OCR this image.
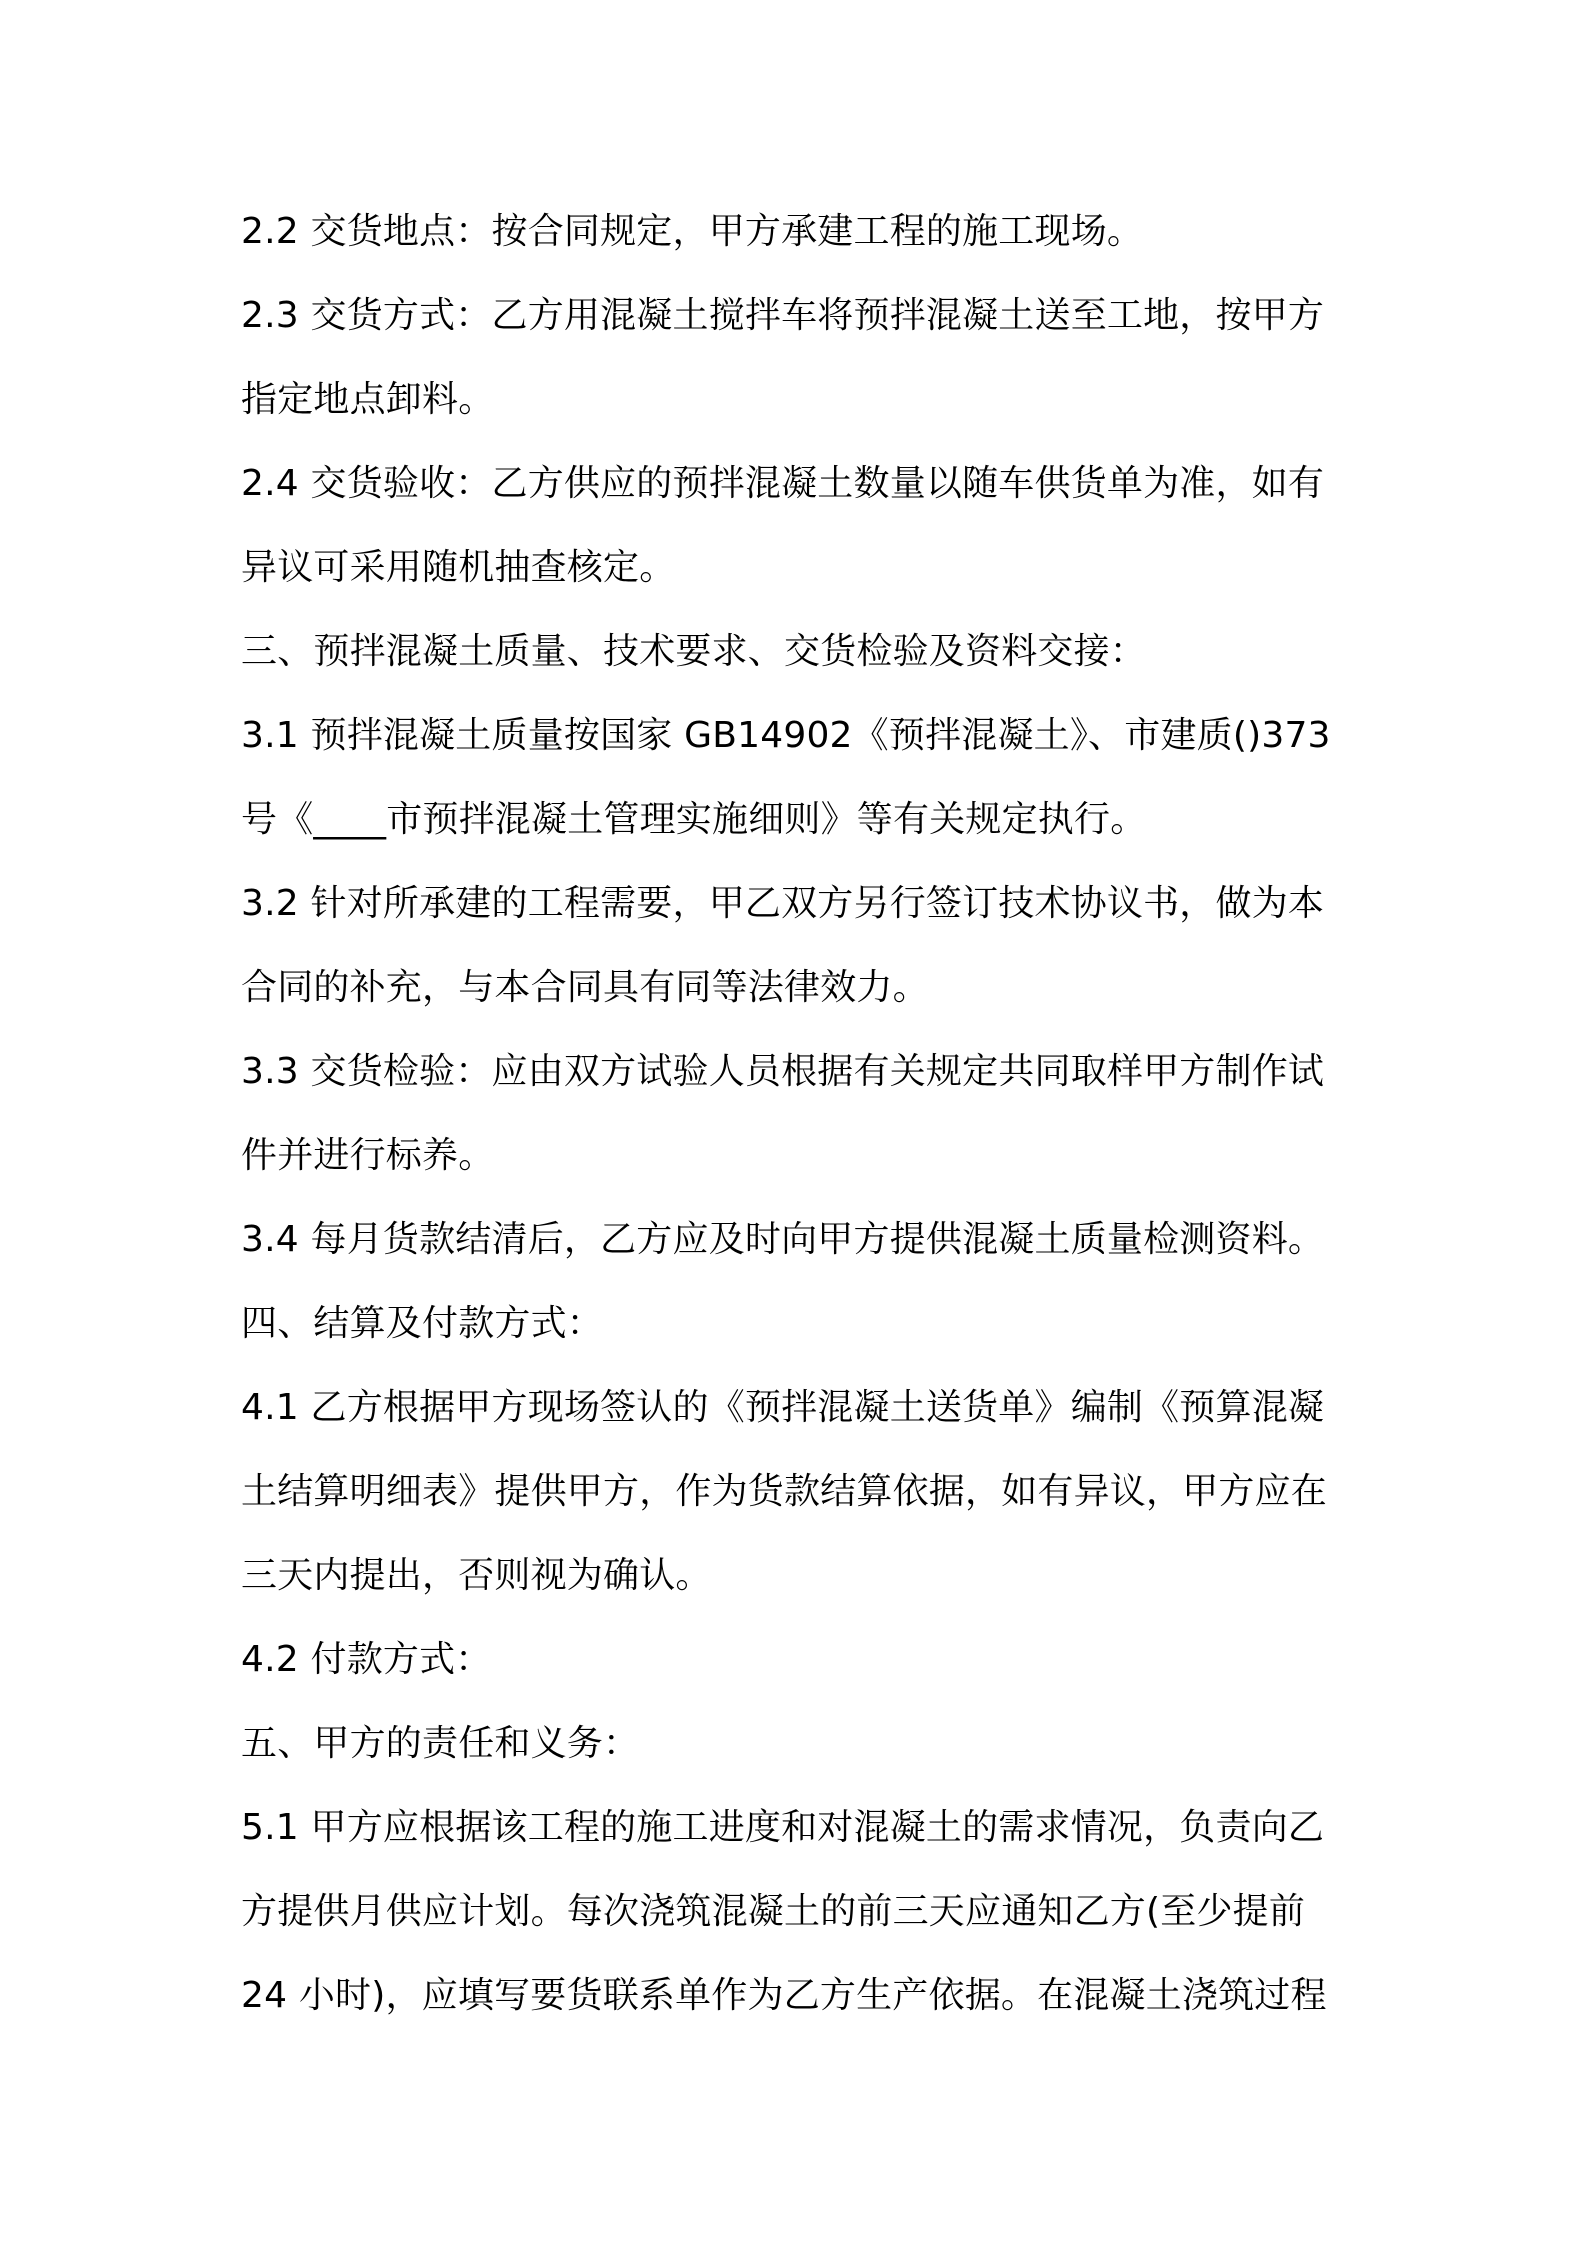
2.2 交货地点：按合同规定，甲方承建工程的施工现场。
2.3 交货方式：乙方用混凝土搅拌车将预拌混凝土送至工地，按甲方
指定地点卸料。
2.4 交货验收：乙方供应的预拌混凝土数量以随车供货单为准，如有
异议可采用随机抽查核定。
三、预拌混凝土质量、技术要求、交货检验及资料交接：
3.1 预拌混凝土质量按国家 GB14902《预拌混凝土》、市建质()373
号《____市预拌混凝土管理实施细则》等有关规定执行。
3.2 针对所承建的工程需要，甲乙双方另行签订技术协议书，做为本
合同的补充，与本合同具有同等法律效力。
3.3 交货检验：应由双方试验人员根据有关规定共同取样甲方制作试
件并进行标养。
3.4 每月货款结清后，乙方应及时向甲方提供混凝土质量检测资料。
四、结算及付款方式：
4.1 乙方根据甲方现场签认的《预拌混凝土送货单》编制《预算混凝
土结算明细表》提供甲方，作为货款结算依据，如有异议，甲方应在
三天内提出，否则视为确认。
4.2 付款方式：
五、甲方的责任和义务：
5.1 甲方应根据该工程的施工进度和对混凝土的需求情况，负责向乙
方提供月供应计划。每次浇筑混凝土的前三天应通知乙方(至少提前
24 小时)，应填写要货联系单作为乙方生产依据。在混凝土浇筑过程
